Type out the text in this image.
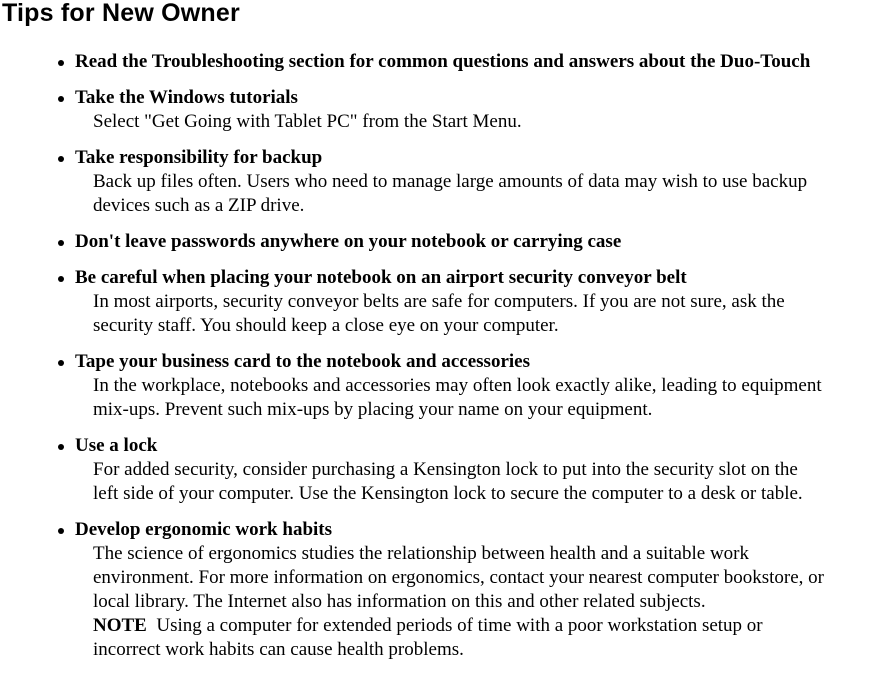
Tips for New Owner
Read the Troubleshooting section for common questions and answers about the Duo-Touch
Take the Windows tutorials
Select "Get Going with Tablet PC" from the Start Menu.
Take responsibility for backup
Back up files often. Users who need to manage large amounts of data may wish to use backup
devices such as a ZIP drive.
Don't leave passwords anywhere on your notebook or carrying case
Be careful when placing your notebook on an airport security conveyor belt
In most airports, security conveyor belts are safe for computers. If you are not sure, ask the
security staff. You should keep a close eye on your computer.
Tape your business card to the notebook and accessories
In the workplace, notebooks and accessories may often look exactly alike, leading to equipment
mix-ups. Prevent such mix-ups by placing your name on your equipment.
Use a lock
For added security, consider purchasing a Kensington lock to put into the security slot on the
left side of your computer. Use the Kensington lock to secure the computer to a desk or table.
Develop ergonomic work habits
The science of ergonomics studies the relationship between health and a suitable work
environment. For more information on ergonomics, contact your nearest computer bookstore, or
local library. The Internet also has information on this and other related subjects.
NOTE Using a computer for extended periods of time with a poor workstation setup or
incorrect work habits can cause health problems.
